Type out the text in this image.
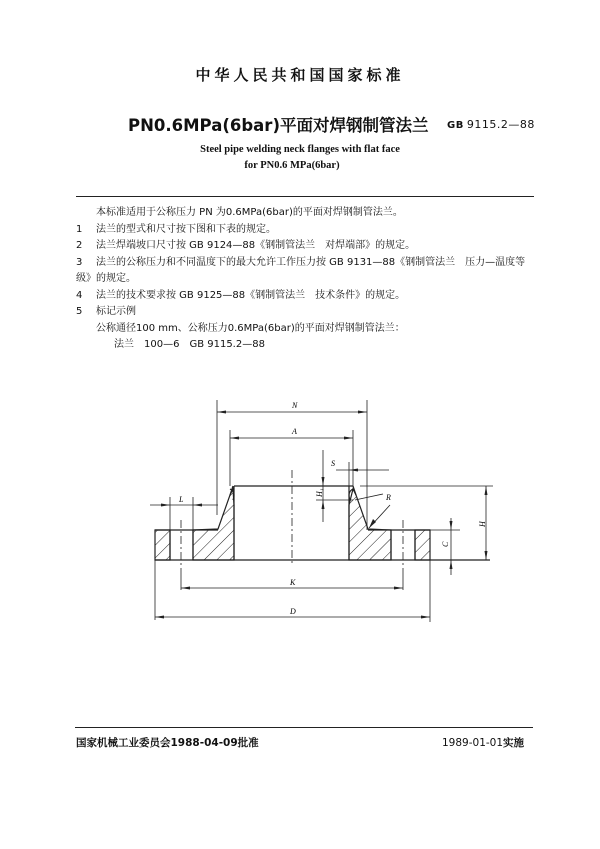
中华人民共和国国家标准
PN0.6MPa(6bar)平面对焊钢制管法兰 GB 9115.2—88
Steel pipe welding neck flanges with flat face
for PN0.6 MPa(6bar)
本标准适用于公称压力 PN 为0.6MPa(6bar)的平面对焊钢制管法兰。
1 法兰的型式和尺寸按下图和下表的规定。
2 法兰焊端坡口尺寸按 GB 9124—88《钢制管法兰　对焊端部》的规定。
3 法兰的公称压力和不同温度下的最大允许工作压力按 GB 9131—88《钢制管法兰　压力—温度等
级》的规定。
4 法兰的技术要求按 GB 9125—88《钢制管法兰　技术条件》的规定。
5 标记示例
公称通径100 mm、公称压力0.6MPa(6bar)的平面对焊钢制管法兰：
法兰　100—6　GB 9115.2—88
N
A
S
H₁
R
H
C
L
K
D
国家机械工业委员会1988-04-09批准	1989-01-01实施
